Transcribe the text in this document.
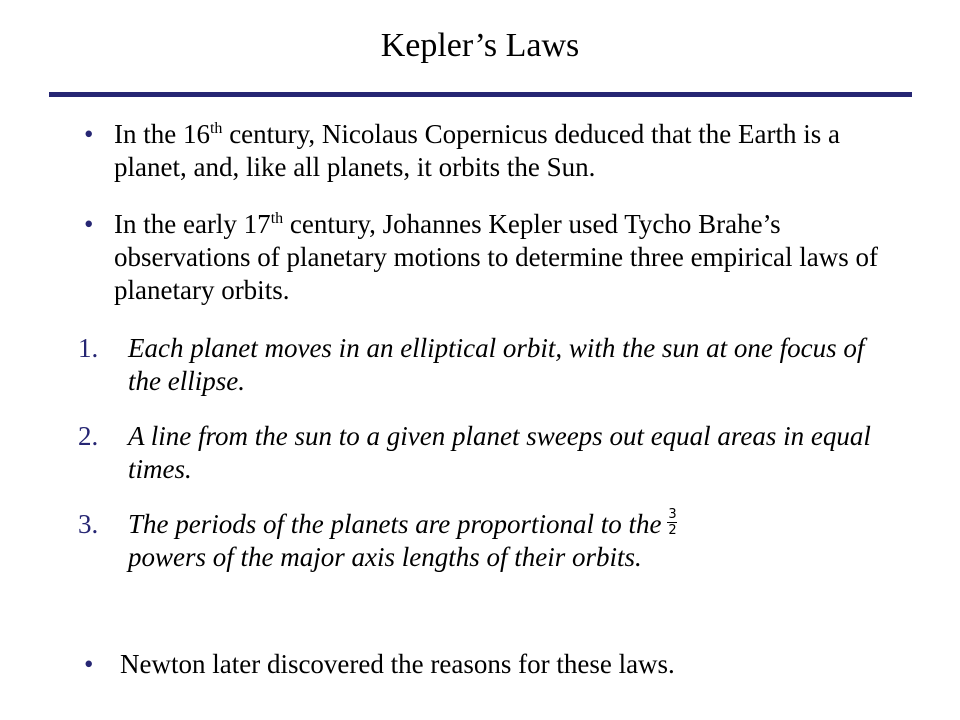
Kepler’s Laws
• In the 16th century, Nicolaus Copernicus deduced that the Earth is a planet, and, like all planets, it orbits the Sun.
• In the early 17th century, Johannes Kepler used Tycho Brahe’s observations of planetary motions to determine three empirical laws of planetary orbits.
1.	Each planet moves in an elliptical orbit, with the sun at one focus of the ellipse.
2.	A line from the sun to a given planet sweeps out equal areas in equal times.
3.	The periods of the planets are proportional to the $\frac{3}{2}$

powers of the major axis lengths of their orbits.
• Newton later discovered the reasons for these laws.
